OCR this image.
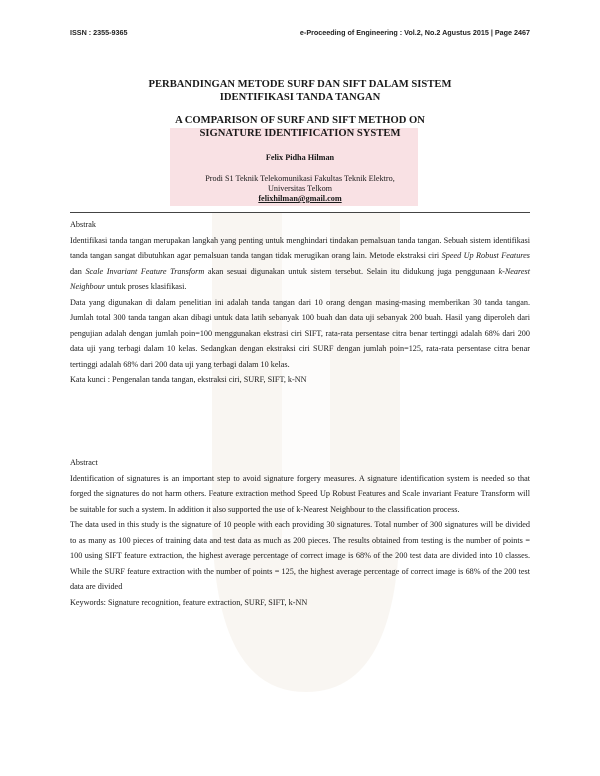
ISSN : 2355-9365	e-Proceeding of Engineering : Vol.2, No.2 Agustus 2015 | Page 2467

PERBANDINGAN METODE SURF DAN SIFT DALAM SISTEM
IDENTIFIKASI TANDA TANGAN

A COMPARISON OF SURF AND SIFT METHOD ON
SIGNATURE IDENTIFICATION SYSTEM

Felix Pidha Hilman

Prodi S1 Teknik Telekomunikasi Fakultas Teknik Elektro,
Universitas Telkom

felixhilman@gmail.com

Abstrak

Identifikasi tanda tangan merupakan langkah yang penting untuk menghindari tindakan pemalsuan tanda tangan. Sebuah sistem identifikasi tanda tangan sangat dibutuhkan agar pemalsuan tanda tangan tidak merugikan orang lain. Metode ekstraksi ciri Speed Up Robust Features dan Scale Invariant Feature Transform akan sesuai digunakan untuk sistem tersebut. Selain itu didukung juga penggunaan k-Nearest Neighbour untuk proses klasifikasi.

Data yang digunakan di dalam penelitian ini adalah tanda tangan dari 10 orang dengan masing-masing memberikan 30 tanda tangan. Jumlah total 300 tanda tangan akan dibagi untuk data latih sebanyak 100 buah dan data uji sebanyak 200 buah. Hasil yang diperoleh dari pengujian adalah dengan jumlah poin=100 menggunakan ekstrasi ciri SIFT, rata-rata persentase citra benar tertinggi adalah 68% dari 200 data uji yang terbagi dalam 10 kelas. Sedangkan dengan ekstraksi ciri SURF dengan jumlah poin=125, rata-rata persentase citra benar tertinggi adalah 68% dari 200 data uji yang terbagi dalam 10 kelas.

Kata kunci : Pengenalan tanda tangan, ekstraksi ciri, SURF, SIFT, k-NN

Abstract

Identification of signatures is an important step to avoid signature forgery measures. A signature identification system is needed so that forged the signatures do not harm others. Feature extraction method Speed Up Robust Features and Scale invariant Feature Transform will be suitable for such a system. In addition it also supported the use of k-Nearest Neighbour to the classification process.

The data used in this study is the signature of 10 people with each providing 30 signatures. Total number of 300 signatures will be divided to as many as 100 pieces of training data and test data as much as 200 pieces. The results obtained from testing is the number of points = 100 using SIFT feature extraction, the highest average percentage of correct image is 68% of the 200 test data are divided into 10 classes. While the SURF feature extraction with the number of points = 125, the highest average percentage of correct image is 68% of the 200 test data are divided

Keywords: Signature recognition, feature extraction, SURF, SIFT, k-NN
